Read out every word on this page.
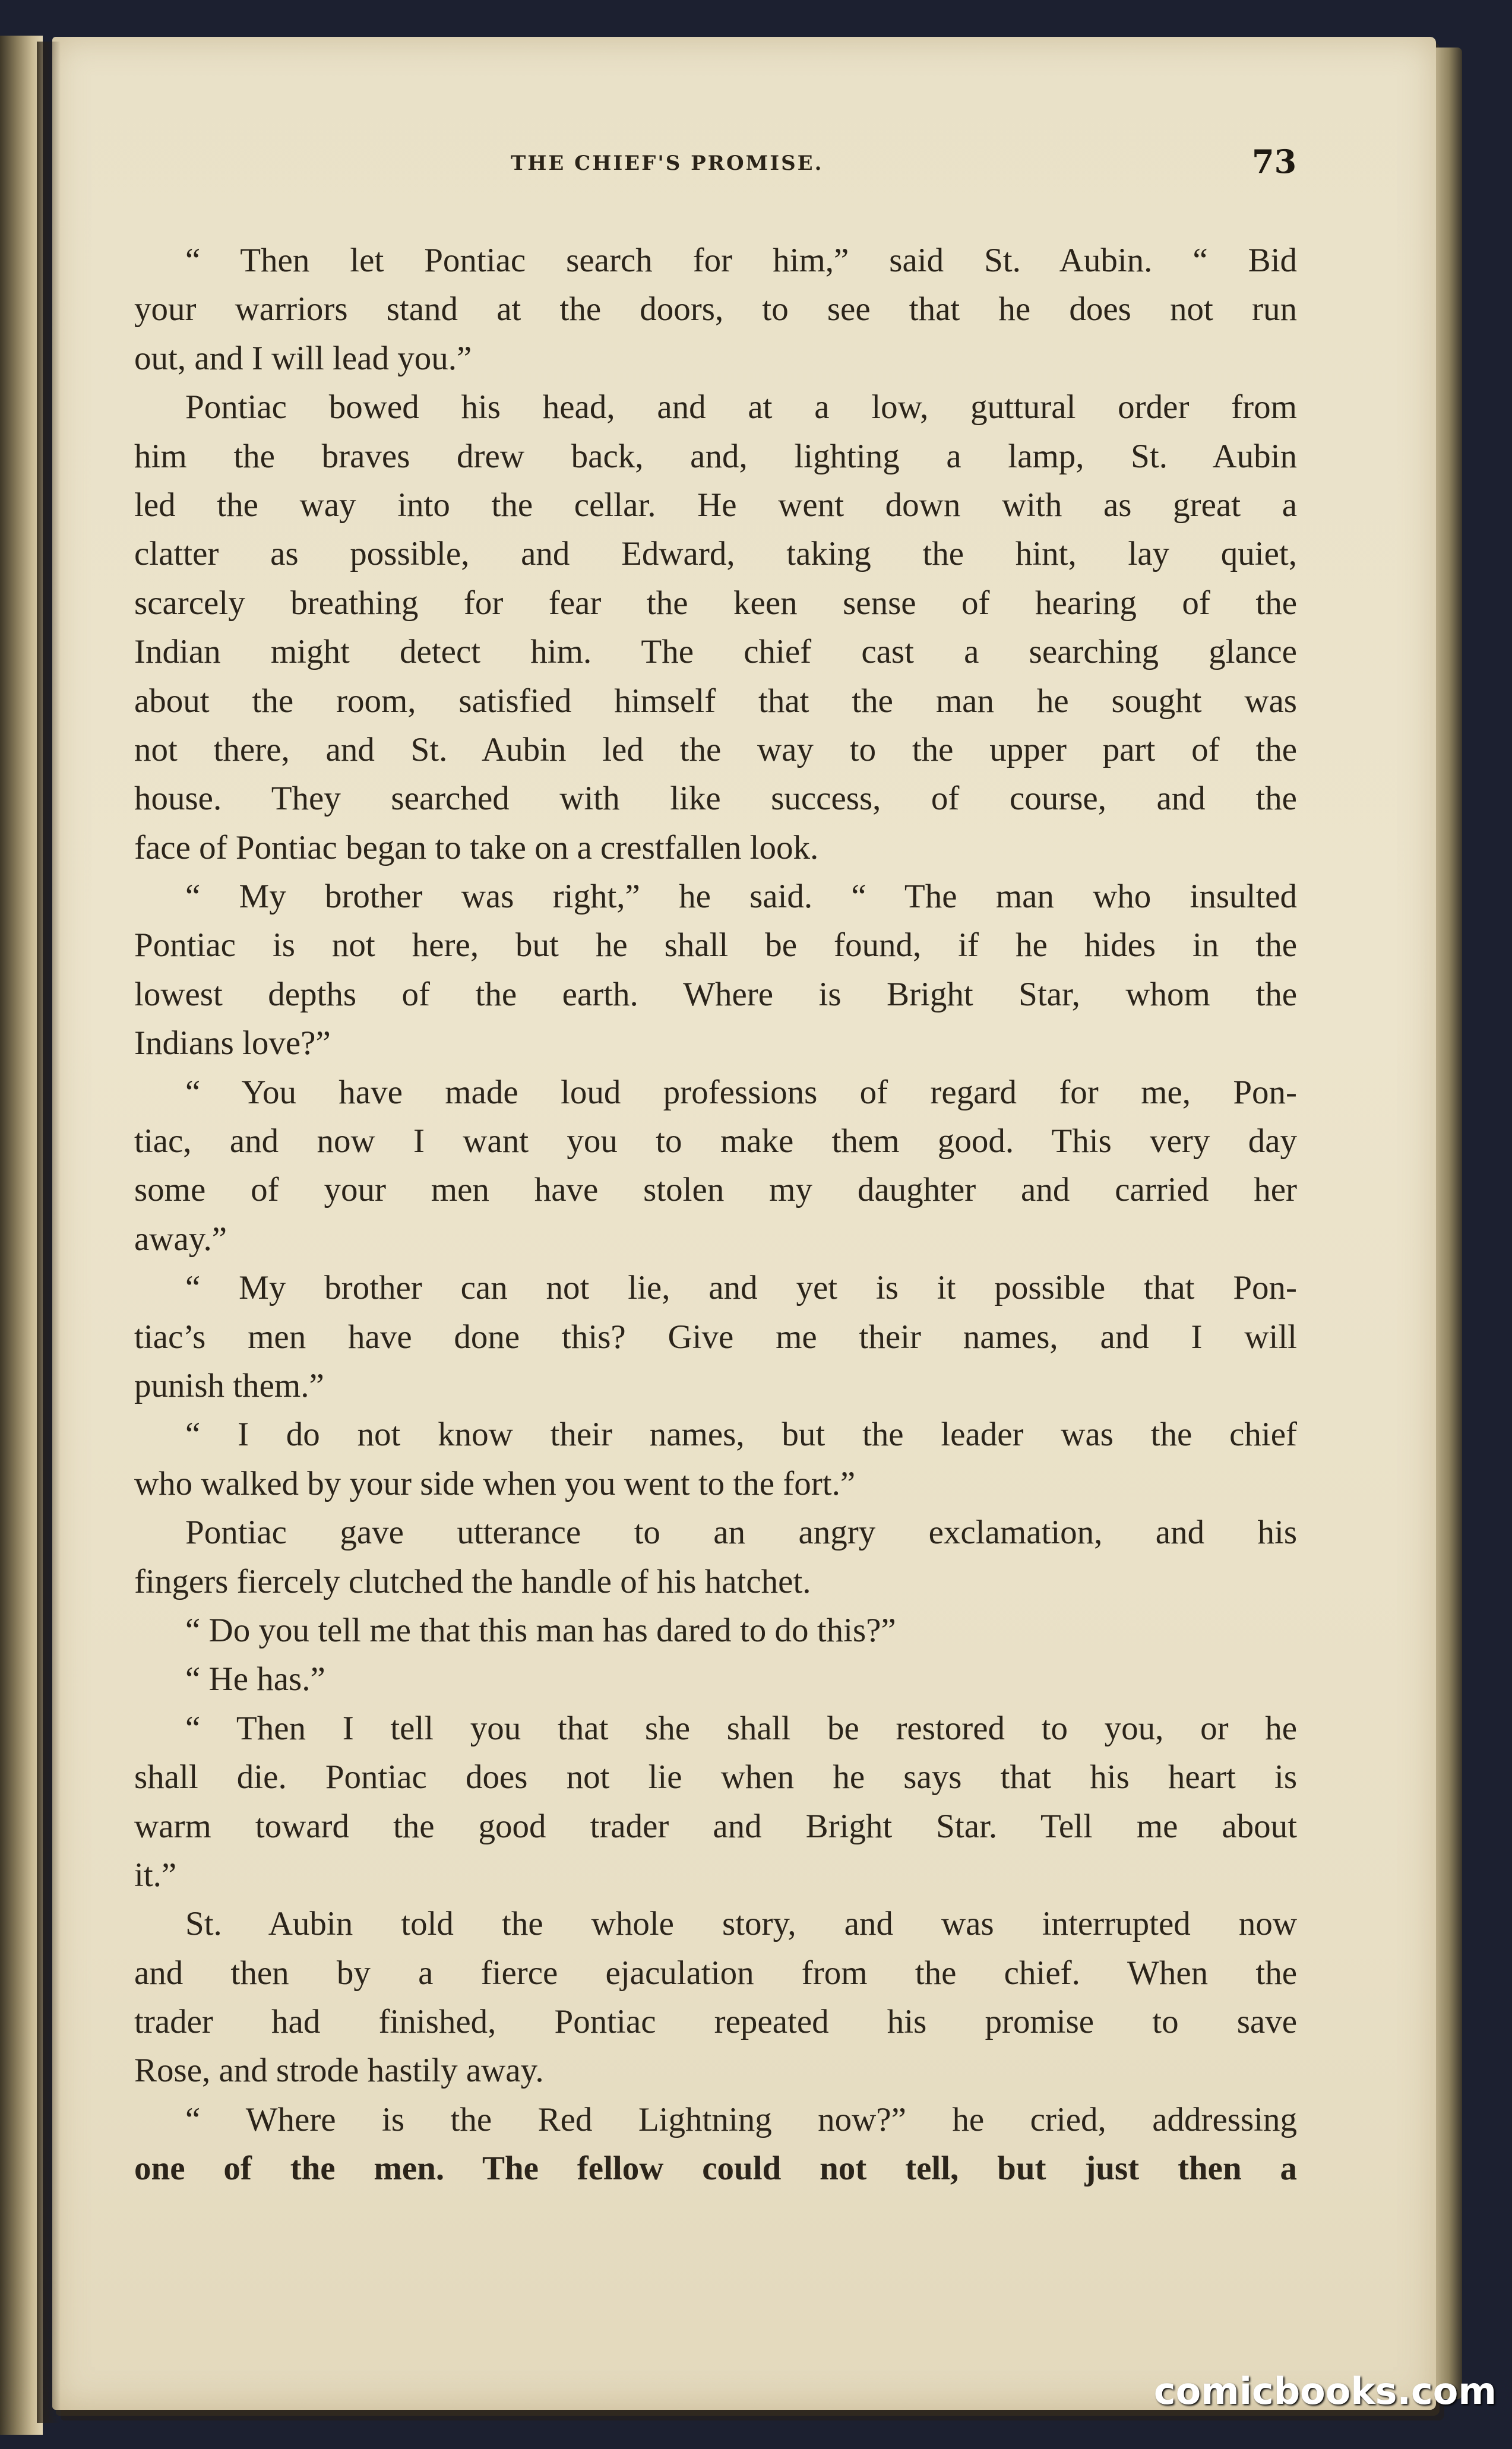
THE CHIEF'S PROMISE.	73
“ Then let Pontiac search for him,” said St. Aubin. “ Bid
your warriors stand at the doors, to see that he does not run
out, and I will lead you.”
Pontiac bowed his head, and at a low, guttural order from
him the braves drew back, and, lighting a lamp, St. Aubin
led the way into the cellar. He went down with as great a
clatter as possible, and Edward, taking the hint, lay quiet,
scarcely breathing for fear the keen sense of hearing of the
Indian might detect him. The chief cast a searching glance
about the room, satisfied himself that the man he sought was
not there, and St. Aubin led the way to the upper part of the
house. They searched with like success, of course, and the
face of Pontiac began to take on a crestfallen look.
“ My brother was right,” he said. “ The man who insulted
Pontiac is not here, but he shall be found, if he hides in the
lowest depths of the earth. Where is Bright Star, whom the
Indians love?”
“ You have made loud professions of regard for me, Pon-
tiac, and now I want you to make them good. This very day
some of your men have stolen my daughter and carried her
away.”
“ My brother can not lie, and yet is it possible that Pon-
tiac’s men have done this? Give me their names, and I will
punish them.”
“ I do not know their names, but the leader was the chief
who walked by your side when you went to the fort.”
Pontiac gave utterance to an angry exclamation, and his
fingers fiercely clutched the handle of his hatchet.
“ Do you tell me that this man has dared to do this?”
“ He has.”
“ Then I tell you that she shall be restored to you, or he
shall die. Pontiac does not lie when he says that his heart is
warm toward the good trader and Bright Star. Tell me about
it.”
St. Aubin told the whole story, and was interrupted now
and then by a fierce ejaculation from the chief. When the
trader had finished, Pontiac repeated his promise to save
Rose, and strode hastily away.
“ Where is the Red Lightning now?” he cried, addressing
one of the men. The fellow could not tell, but just then a
comicbooks.com
